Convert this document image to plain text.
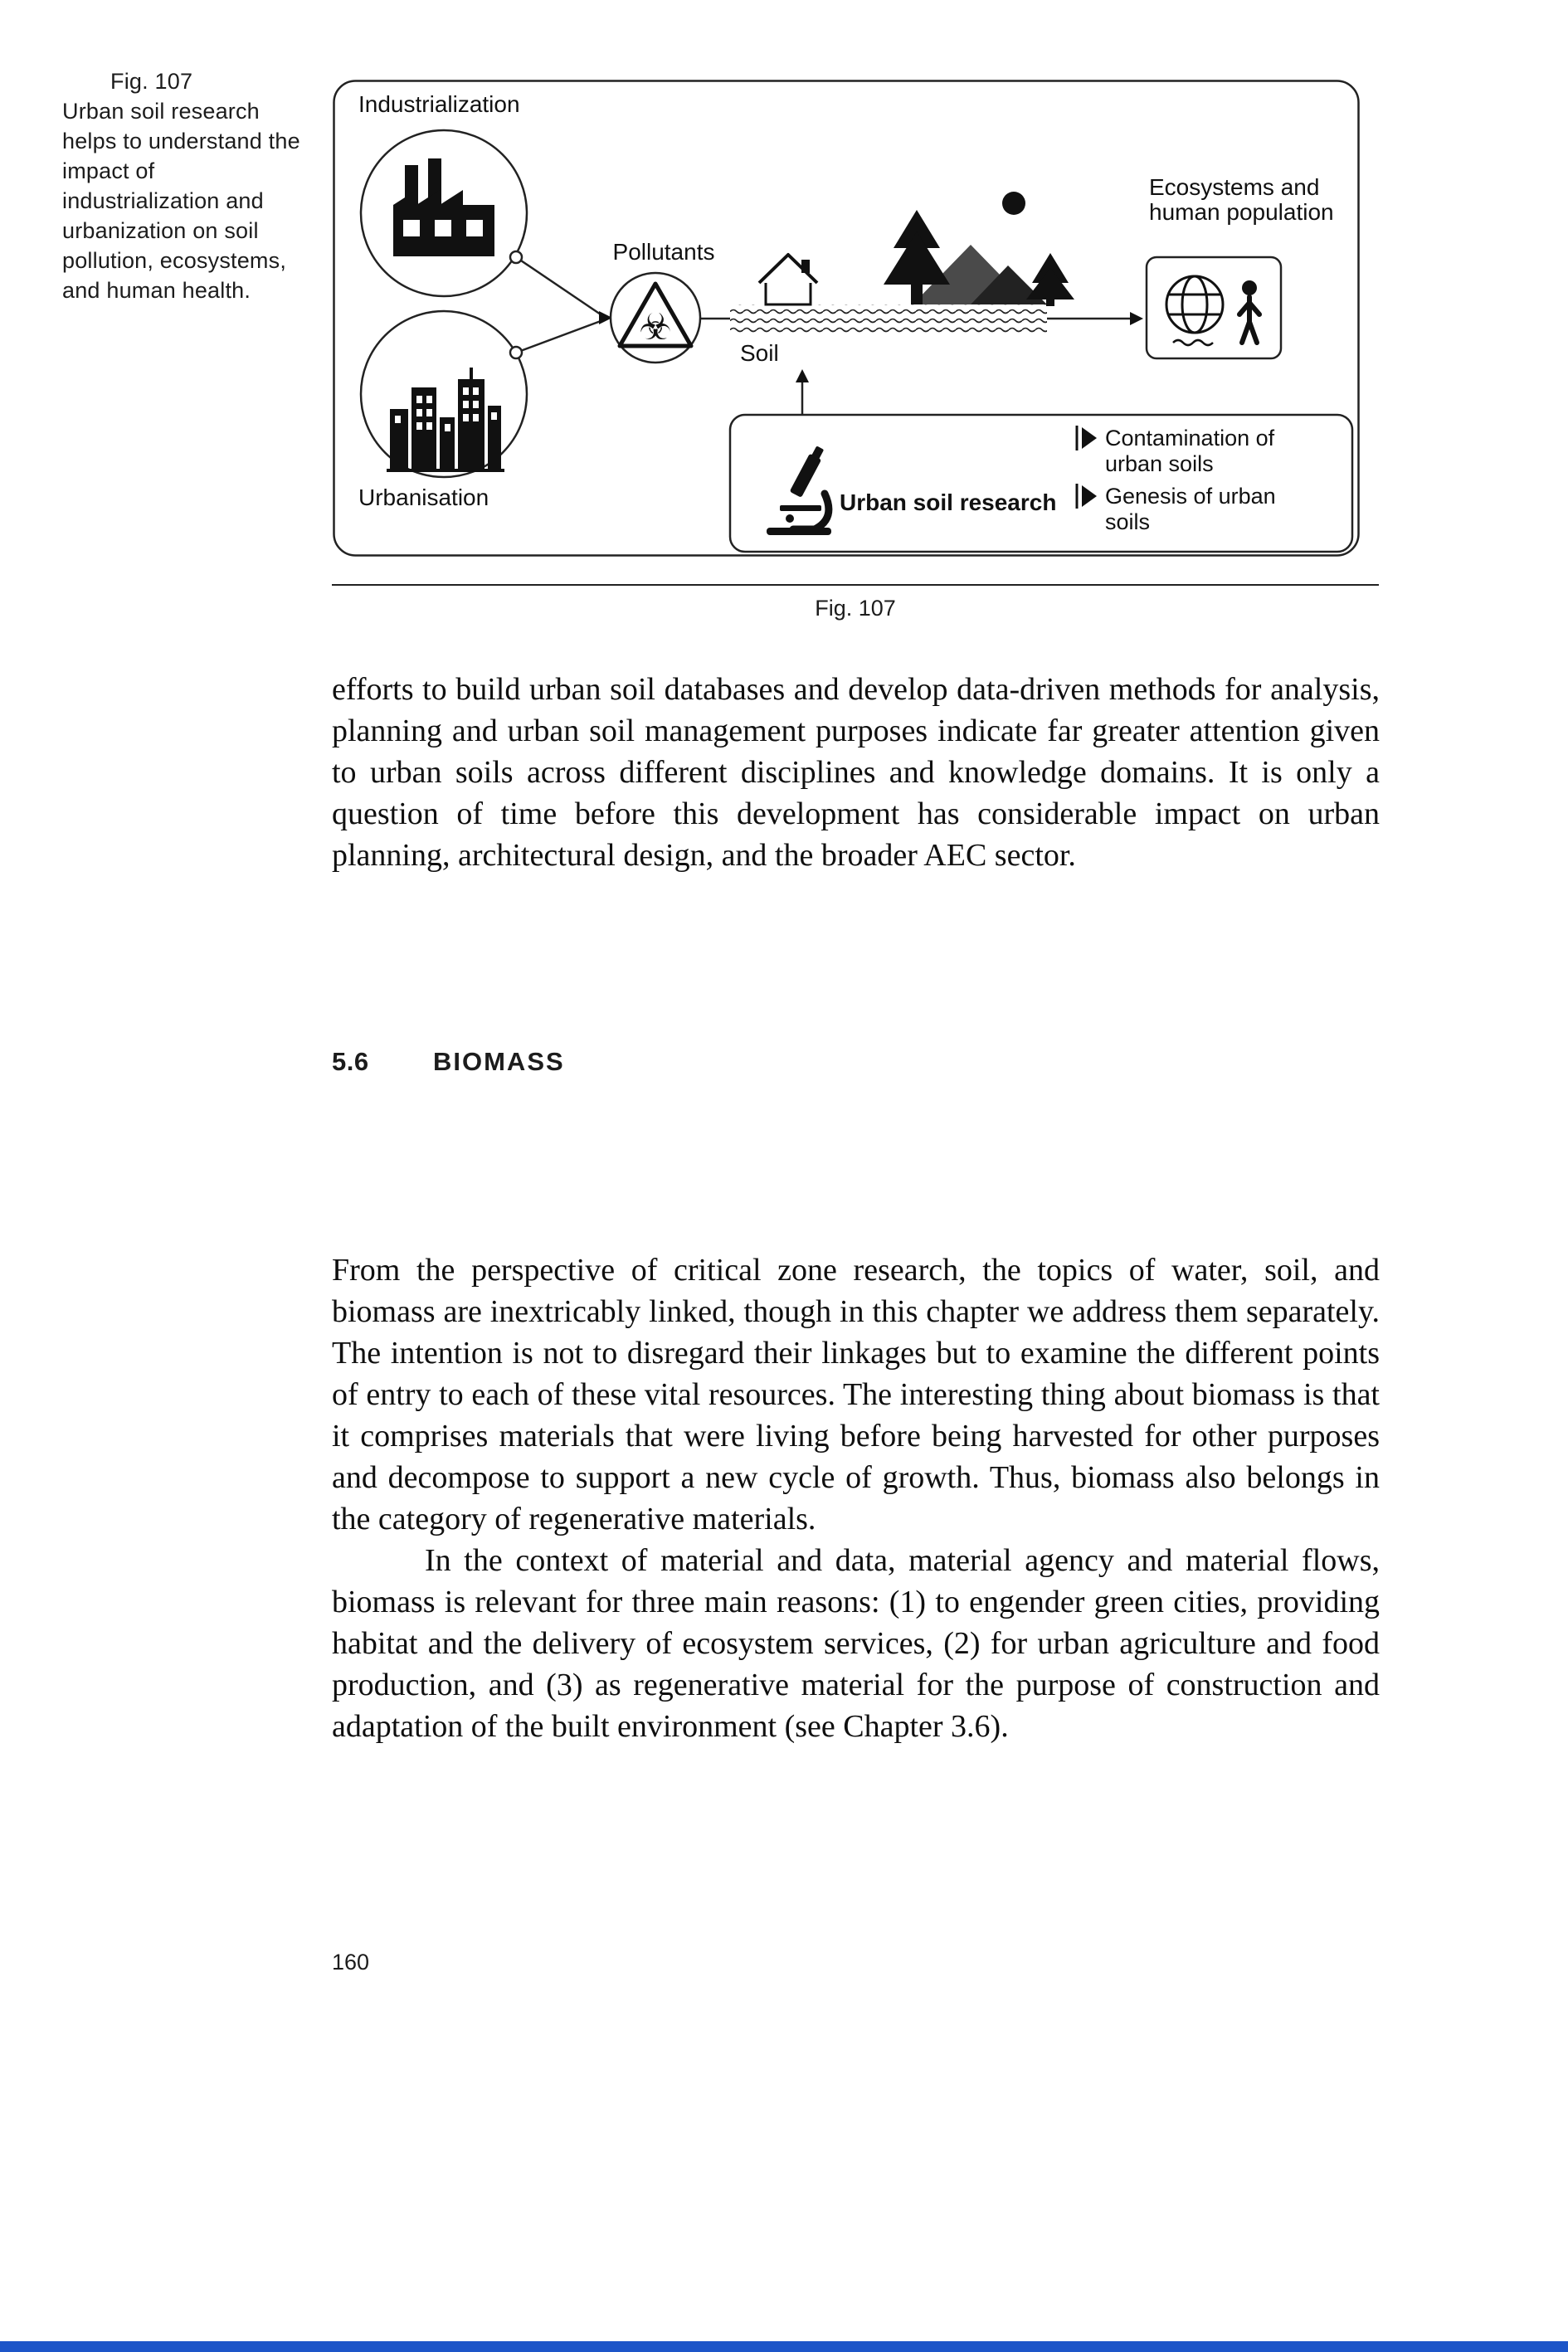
Fig. 107
Urban soil research helps to understand the impact of industrialization and urbanization on soil pollution, ecosystems, and human health.
Industrialization
Urbanisation
Pollutants
Soil
Ecosystems and
human population
☣
Urban soil research
Contamination of
urban soils
Genesis of urban
soils
Fig. 107

efforts to build urban soil databases and develop data-driven methods for analysis, planning and urban soil management purposes indicate far greater attention given to urban soils across different disciplines and knowledge domains. It is only a question of time before this development has considerable impact on urban planning, architectural design, and the broader AEC sector.

5.6 BIOMASS

From the perspective of critical zone research, the topics of water, soil, and biomass are inextricably linked, though in this chapter we address them separately. The intention is not to disregard their linkages but to examine the different points of entry to each of these vital resources. The interesting thing about biomass is that it comprises materials that were living before being harvested for other purposes and decompose to support a new cycle of growth. Thus, biomass also belongs in the category of regenerative materials.

In the context of material and data, material agency and material flows, biomass is relevant for three main reasons: (1) to engender green cities, providing habitat and the delivery of ecosystem services, (2) for urban agriculture and food production, and (3) as regenerative material for the purpose of construction and adaptation of the built environment (see Chapter 3.6).

160
